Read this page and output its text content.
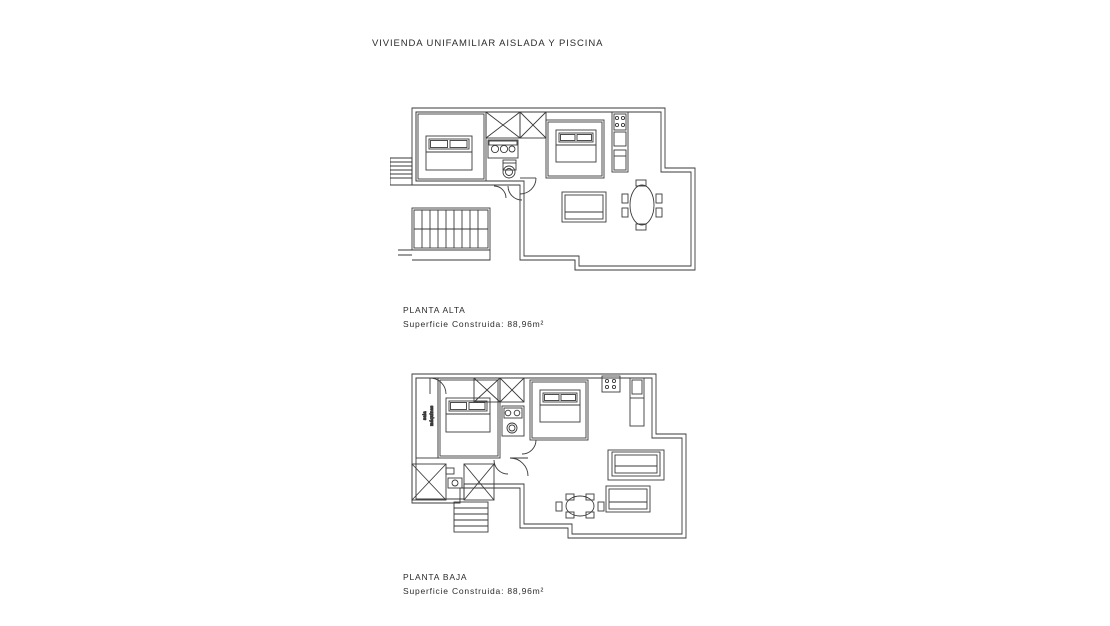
VIVIENDA UNIFAMILIAR AISLADA Y PISCINA
PLANTA ALTA
Superficie Construida: 88,96m²
sala máquinas
PLANTA BAJA
Superficie Construida: 88,96m²
